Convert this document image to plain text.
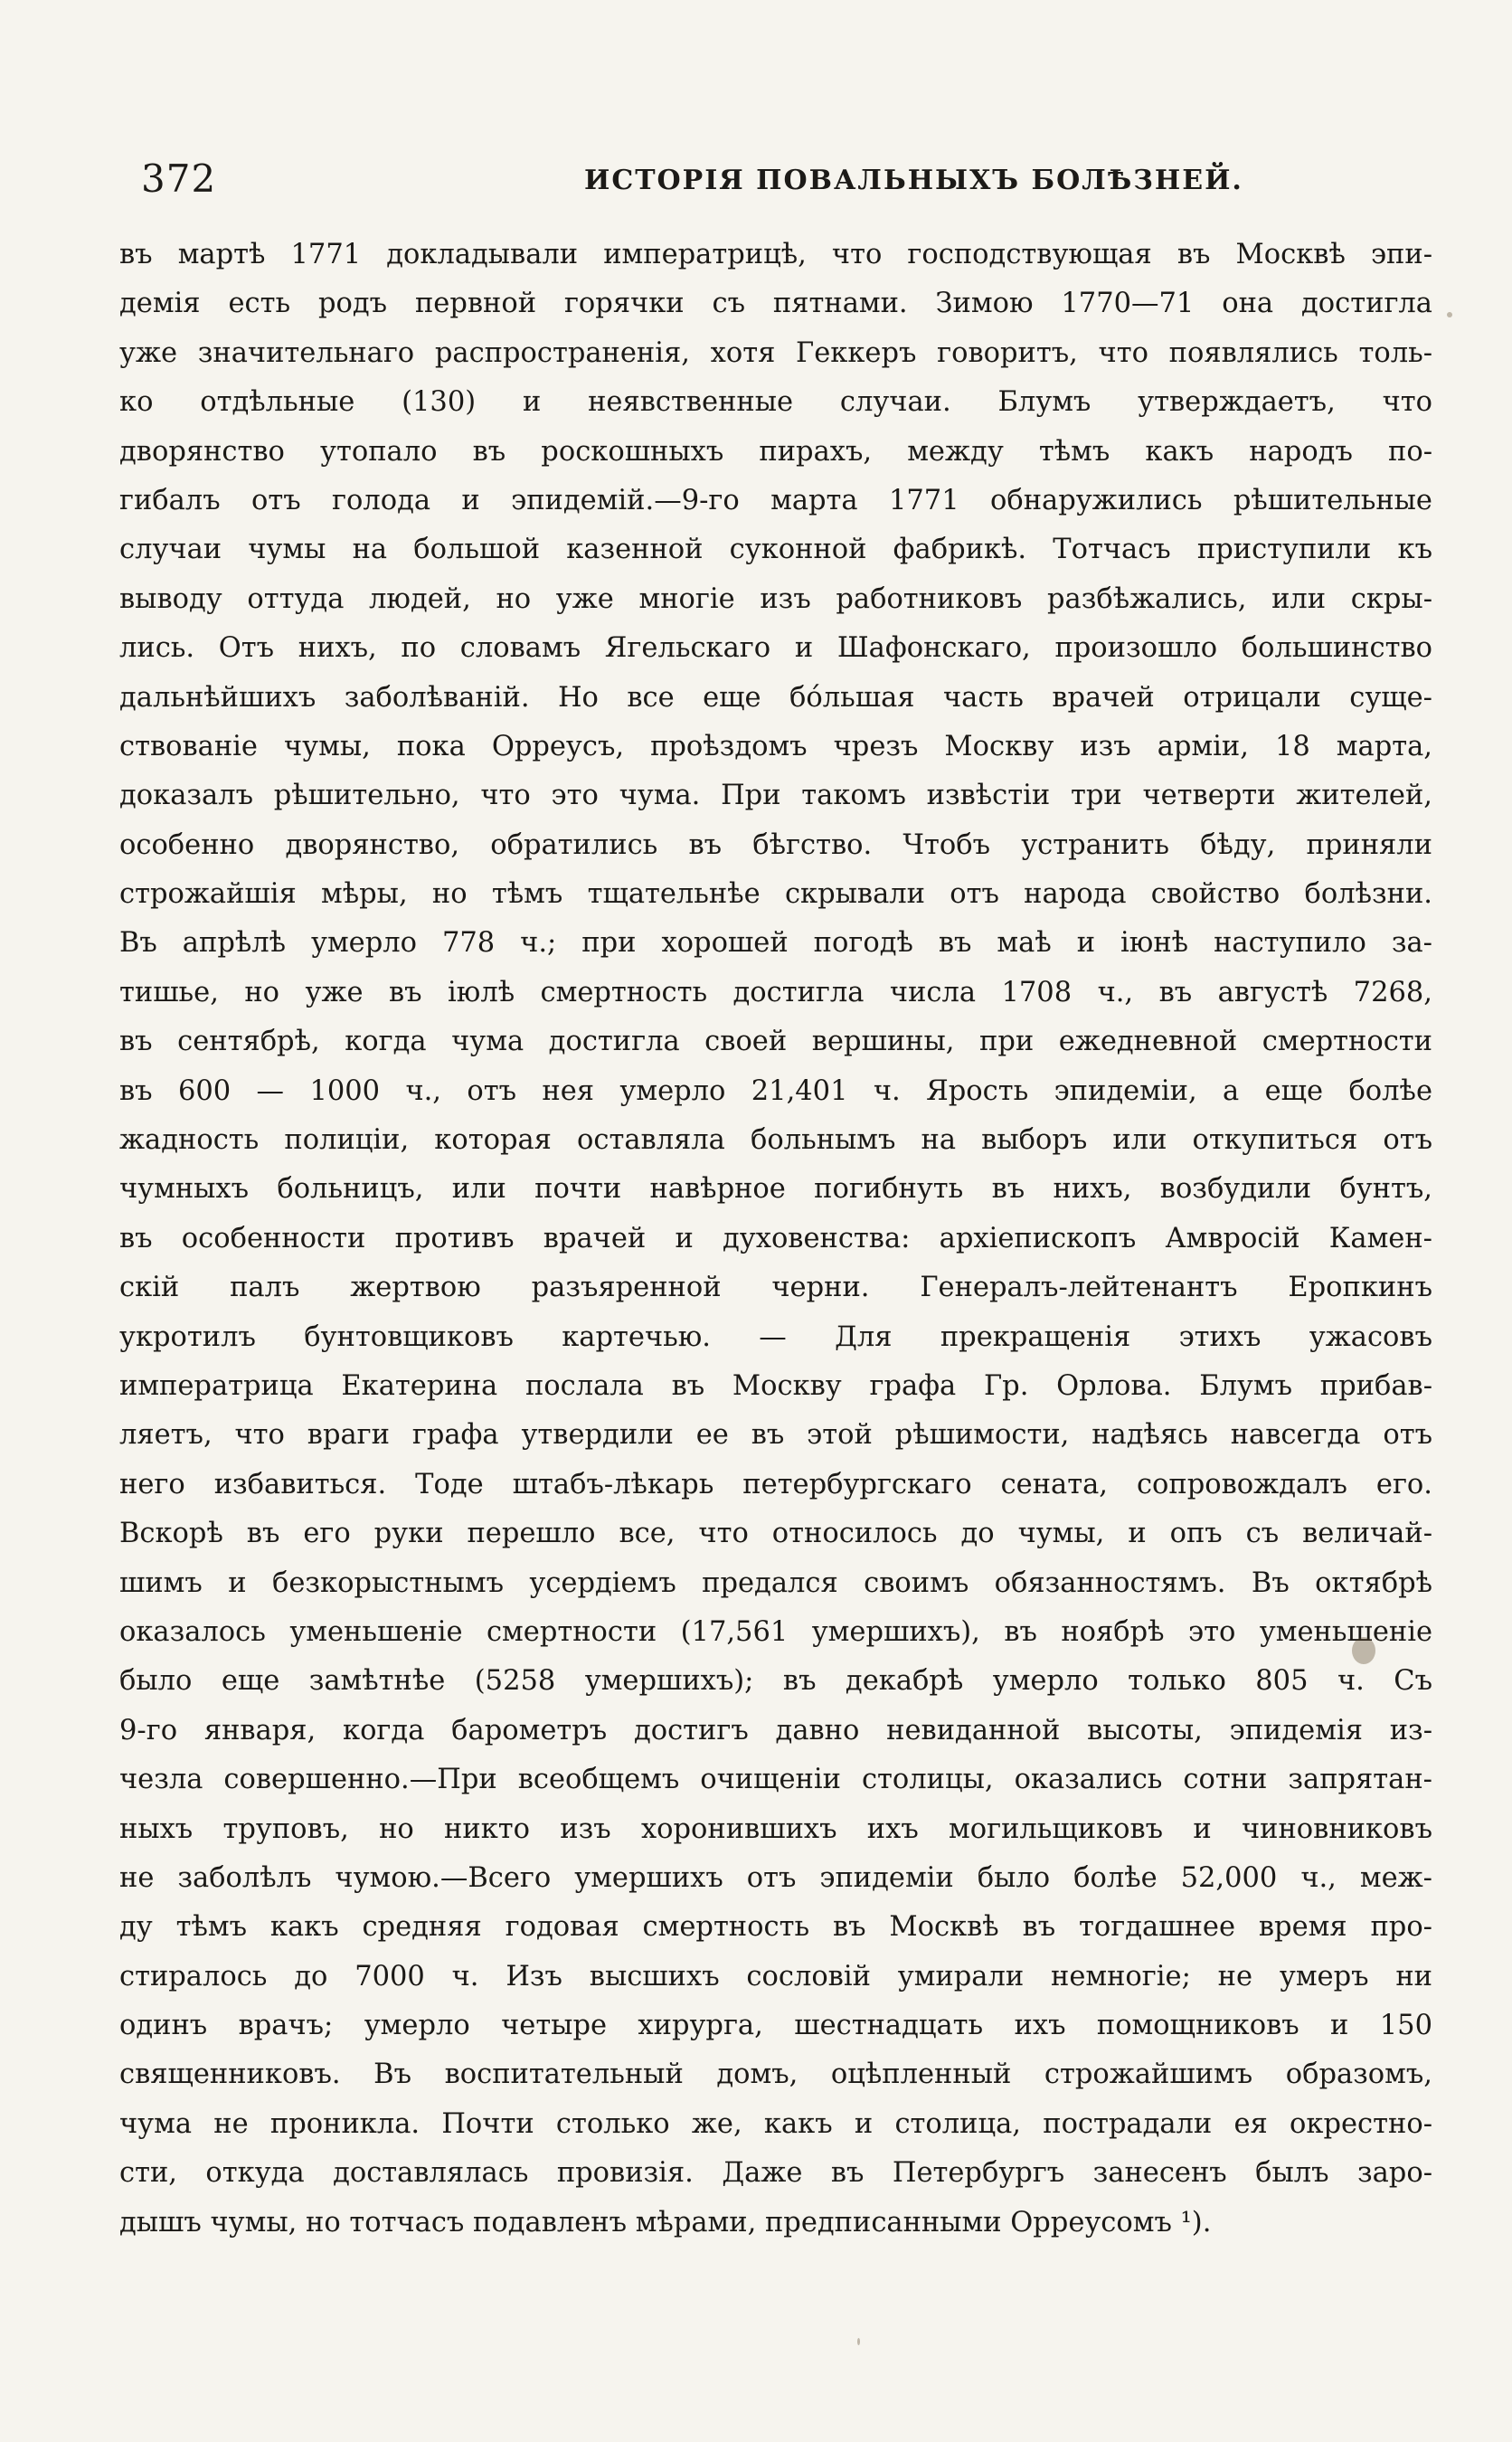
372	ИСТОРІЯ ПОВАЛЬНЫХЪ БОЛѢЗНЕЙ.
въ мартѣ 1771 докладывали императрицѣ, что господствующая въ Москвѣ эпи-
демія есть родъ первной горячки съ пятнами. Зимою 1770—71 она достигла
уже значительнаго распространенія, хотя Геккеръ говоритъ, что появлялись толь-
ко отдѣльные (130) и неявственные случаи. Блумъ утверждаетъ, что
дворянство утопало въ роскошныхъ пирахъ, между тѣмъ какъ народъ по-
гибалъ отъ голода и эпидемій.—9-го марта 1771 обнаружились рѣшительные
случаи чумы на большой казенной суконной фабрикѣ. Тотчасъ приступили къ
выводу оттуда людей, но уже многіе изъ работниковъ разбѣжались, или скры-
лись. Отъ нихъ, по словамъ Ягельскаго и Шафонскаго, произошло большинство
дальнѣйшихъ заболѣваній. Но все еще бо́льшая часть врачей отрицали суще-
ствованіе чумы, пока Орреусъ, проѣздомъ чрезъ Москву изъ арміи, 18 марта,
доказалъ рѣшительно, что это чума. При такомъ извѣстіи три четверти жителей,
особенно дворянство, обратились въ бѣгство. Чтобъ устранить бѣду, приняли
строжайшія мѣры, но тѣмъ тщательнѣе скрывали отъ народа свойство болѣзни.
Въ апрѣлѣ умерло 778 ч.; при хорошей погодѣ въ маѣ и іюнѣ наступило за-
тишье, но уже въ іюлѣ смертность достигла числа 1708 ч., въ августѣ 7268,
въ сентябрѣ, когда чума достигла своей вершины, при ежедневной смертности
въ 600 — 1000 ч., отъ нея умерло 21,401 ч. Ярость эпидеміи, а еще болѣе
жадность полиціи, которая оставляла больнымъ на выборъ или откупиться отъ
чумныхъ больницъ, или почти навѣрное погибнуть въ нихъ, возбудили бунтъ,
въ особенности противъ врачей и духовенства: архіепископъ Амвросій Камен-
скій палъ жертвою разъяренной черни. Генералъ-лейтенантъ Еропкинъ
укротилъ бунтовщиковъ картечью. — Для прекращенія этихъ ужасовъ
императрица Екатерина послала въ Москву графа Гр. Орлова. Блумъ прибав-
ляетъ, что враги графа утвердили ее въ этой рѣшимости, надѣясь навсегда отъ
него избавиться. Тоде штабъ-лѣкарь петербургскаго сената, сопровождалъ его.
Вскорѣ въ его руки перешло все, что относилось до чумы, и опъ съ величай-
шимъ и безкорыстнымъ усердіемъ предался своимъ обязанностямъ. Въ октябрѣ
оказалось уменьшеніе смертности (17,561 умершихъ), въ ноябрѣ это уменьшеніе
было еще замѣтнѣе (5258 умершихъ); въ декабрѣ умерло только 805 ч. Съ
9-го января, когда барометръ достигъ давно невиданной высоты, эпидемія из-
чезла совершенно.—При всеобщемъ очищеніи столицы, оказались сотни запрятан-
ныхъ труповъ, но никто изъ хоронившихъ ихъ могильщиковъ и чиновниковъ
не заболѣлъ чумою.—Всего умершихъ отъ эпидеміи было болѣе 52,000 ч., меж-
ду тѣмъ какъ средняя годовая смертность въ Москвѣ въ тогдашнее время про-
стиралось до 7000 ч. Изъ высшихъ сословій умирали немногіе; не умеръ ни
одинъ врачъ; умерло четыре хирурга, шестнадцать ихъ помощниковъ и 150
священниковъ. Въ воспитательный домъ, оцѣпленный строжайшимъ образомъ,
чума не проникла. Почти столько же, какъ и столица, пострадали ея окрестно-
сти, откуда доставлялась провизія. Даже въ Петербургъ занесенъ былъ заро-
дышъ чумы, но тотчасъ подавленъ мѣрами, предписанными Орреусомъ ¹).
